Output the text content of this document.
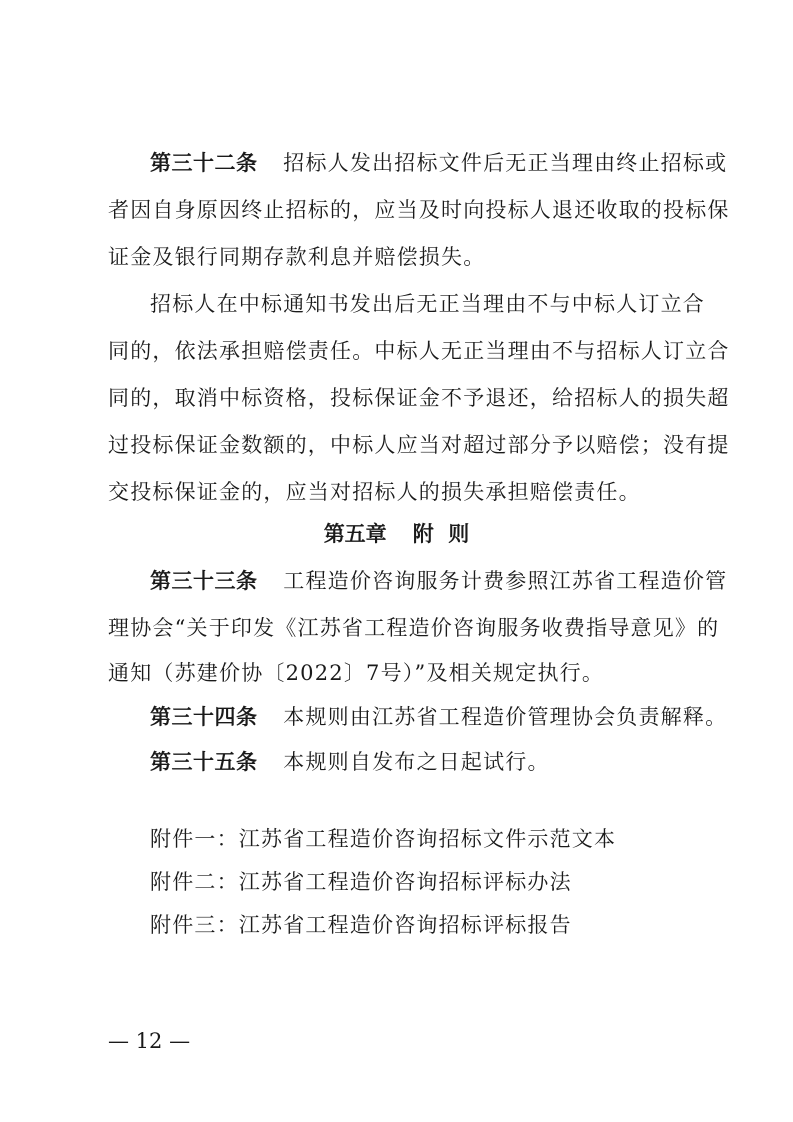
第三十二条 招标人发出招标文件后无正当理由终止招标或
者因自身原因终止招标的，应当及时向投标人退还收取的投标保
证金及银行同期存款利息并赔偿损失。
招标人在中标通知书发出后无正当理由不与中标人订立合
同的，依法承担赔偿责任。中标人无正当理由不与招标人订立合
同的，取消中标资格，投标保证金不予退还，给招标人的损失超
过投标保证金数额的，中标人应当对超过部分予以赔偿；没有提
交投标保证金的，应当对招标人的损失承担赔偿责任。
第五章 附  则
第三十三条 工程造价咨询服务计费参照江苏省工程造价管
理协会“关于印发《江苏省工程造价咨询服务收费指导意见》的
通知（苏建价协〔2022〕7号）”及相关规定执行。
第三十四条 本规则由江苏省工程造价管理协会负责解释。
第三十五条 本规则自发布之日起试行。
附件一：江苏省工程造价咨询招标文件示范文本
附件二：江苏省工程造价咨询招标评标办法
附件三：江苏省工程造价咨询招标评标报告
— 12 —
